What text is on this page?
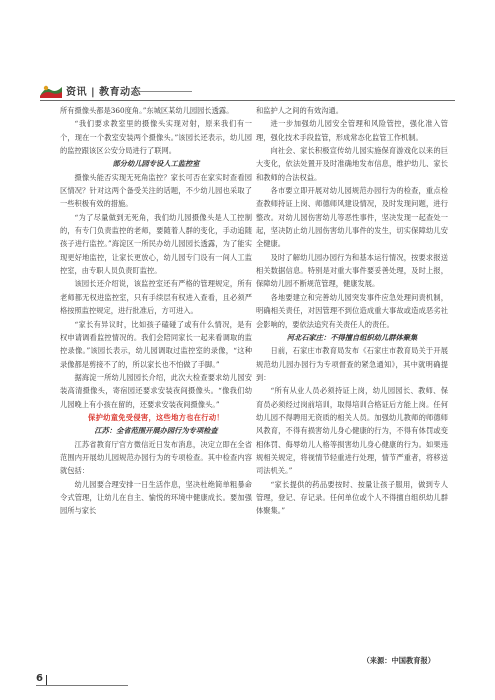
资讯 | 教育动态

所有摄像头都是360度角。”东城区某幼儿园园长透露。

“我们要求教室里的摄像头实现对射，原来我们有一个，现在一个教室安装两个摄像头。”该园长还表示，幼儿园的监控跟该区公安分局进行了联网。

部分幼儿园专设人工监控室

摄像头能否实现无死角监控？家长可否在家实时查看园区情况？针对这两个备受关注的话题，不少幼儿园也采取了一些积极有效的措施。

“为了尽量做到无死角，我们幼儿园摄像头是人工控制的，有专门负责监控的老师，要随着人群的变化，手动追随孩子进行监控。”海淀区一所民办幼儿园园长透露，为了能实现更好地监控，让家长更放心，幼儿园专门设有一间人工监控室，由专职人员负责盯监控。

该园长还介绍说，该监控室还有严格的管理规定，所有老师都无权进监控室，只有手续层有权进入查看，且必须严格按照监控规定，进行批准后，方可进入。

“家长有异议时，比如孩子磕碰了或有什么情况，是有权申请调看监控情况的。我们会陪同家长一起来看调取的监控录像。”该园长表示，幼儿园调取过监控室的录像，“这种录像都是剪接不了的，所以家长也不怕做了手脚。”

据海淀一所幼儿园园长介绍，此次大检查要求幼儿园安装高清摄像头，寄宿园还要求安装夜间摄像头。“像我们幼儿园晚上有小孩在留的，还要求安装夜间摄像头。”

保护幼童免受侵害，这些地方也在行动！
江苏：全省范围开展办园行为专项检查

江苏省教育厅官方微信近日发布消息，决定立即在全省范围内开展幼儿园规范办园行为的专项检查。其中检查内容就包括：

幼儿园要合理安排一日生活作息，坚决杜绝简单粗暴命令式管理，让幼儿在自主、愉悦的环境中健康成长。要加强园所与家长

和监护人之间的有效沟通。

进一步加强幼儿园安全管理和风险管控，强化准入管理，强化技术手段监管，形成常态化监管工作机制。

向社会、家长积极宣传幼儿园实施保育游戏化以来的巨大变化，依法处置开及时准确地发布信息，维护幼儿、家长和教师的合法权益。

各市要立即开展对幼儿园规范办园行为的检查，重点检查教师持证上岗、师德师风建设情况，及时发现问题，进行整改。对幼儿园伤害幼儿等恶性事件，坚决发现一起查处一起，坚决防止幼儿园伤害幼儿事件的发生，切实保障幼儿安全健康。

及时了解幼儿园办园行为和基本运行情况，按要求报送相关数据信息。特别是对重大事件要妥善处理，及时上报，保障幼儿园不断规范管理，健康发展。

各地要建立和完善幼儿园突发事件应急处理问责机制，明确相关责任，对因管理不到位造成重大事故或造成恶劣社会影响的，要依法追究有关责任人的责任。

河北石家庄：不得擅自组织幼儿群体聚集

日前，石家庄市教育局发布《石家庄市教育局关于开展规范幼儿园办园行为专项督查的紧急通知》，其中就明确提到：

“所有从业人员必须持证上岗，幼儿园园长、教师、保育员必须经过岗前培训，取得培训合格证后方能上岗。任何幼儿园不得聘用无资质的相关人员。加强幼儿教师的师德师风教育，不得有损害幼儿身心健康的行为，不得有体罚或变相体罚、侮辱幼儿人格等损害幼儿身心健康的行为。如果违规相关规定，将视情节轻重进行处理，情节严重者，将移送司法机关。”

“家长提供的药品要按时、按量让孩子服用，做到专人管理，登记、存记录。任何单位或个人不得擅自组织幼儿群体聚集。”

（来源：中国教育报）
6
